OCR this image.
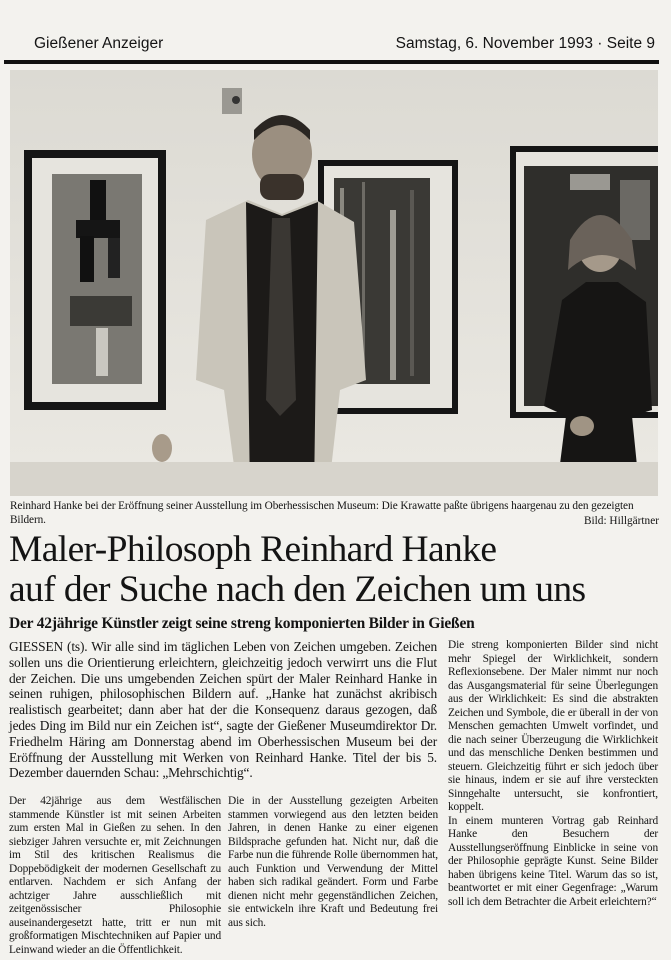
Gießener Anzeiger	Samstag, 6. November 1993 · Seite 9
Reinhard Hanke bei der Eröffnung seiner Ausstellung im Oberhessischen Museum: Die Krawatte paßte übrigens haargenau zu den gezeigten Bildern.	Bild: Hillgärtner
Maler-Philosoph Reinhard Hanke
auf der Suche nach den Zeichen um uns
Der 42jährige Künstler zeigt seine streng komponierten Bilder in Gießen
GIESSEN (ts). Wir alle sind im täglichen Leben von Zeichen umgeben. Zeichen sollen uns die Orientierung erleichtern, gleichzeitig jedoch verwirrt uns die Flut der Zeichen. Die uns umgebenden Zeichen spürt der Maler Reinhard Hanke in seinen ruhigen, philosophischen Bildern auf. „Hanke hat zunächst akribisch realistisch gearbeitet; dann aber hat der die Konsequenz daraus gezogen, daß jedes Ding im Bild nur ein Zeichen ist“, sagte der Gießener Museumdirektor Dr. Friedhelm Häring am Donnerstag abend im Oberhessischen Museum bei der Eröffnung der Ausstellung mit Werken von Reinhard Hanke. Titel der bis 5. Dezember dauernden Schau: „Mehrschichtig“.

Der 42jährige aus dem Westfälischen stammende Künstler ist mit seinen Arbeiten zum ersten Mal in Gießen zu sehen. In den siebziger Jahren versuchte er, mit Zeichnungen im Stil des kritischen Realismus die Doppebödigkeit der modernen Gesellschaft zu entlarven. Nachdem er sich Anfang der achtziger Jahre ausschließlich mit zeitgenössischer Philosophie auseinandergesetzt hatte, tritt er nun mit großformatigen Mischtechniken auf Papier und Leinwand wieder an die Öffentlichkeit.

Die in der Ausstellung gezeigten Arbeiten stammen vorwiegend aus den letzten beiden Jahren, in denen Hanke zu einer eigenen Bildsprache gefunden hat. Nicht nur, daß die Farbe nun die führende Rolle übernommen hat, auch Funktion und Verwendung der Mittel haben sich radikal geändert. Form und Farbe dienen nicht mehr gegenständlichen Zeichen, sie entwickeln ihre Kraft und Bedeutung frei aus sich.

Die streng komponierten Bilder sind nicht mehr Spiegel der Wirklichkeit, sondern Reflexionsebene. Der Maler nimmt nur noch das Ausgangsmaterial für seine Überlegungen aus der Wirklichkeit: Es sind die abstrakten Zeichen und Symbole, die er überall in der von Menschen gemachten Umwelt vorfindet, und die nach seiner Überzeugung die Wirklichkeit und das menschliche Denken bestimmen und steuern. Gleichzeitig führt er sich jedoch über sie hinaus, indem er sie auf ihre versteckten Sinngehalte untersucht, sie konfrontiert, koppelt.

In einem munteren Vortrag gab Reinhard Hanke den Besuchern der Ausstellungseröffnung Einblicke in seine von der Philosophie geprägte Kunst. Seine Bilder haben übrigens keine Titel. Warum das so ist, beantwortet er mit einer Gegenfrage: „Warum soll ich dem Betrachter die Arbeit erleichtern?“
